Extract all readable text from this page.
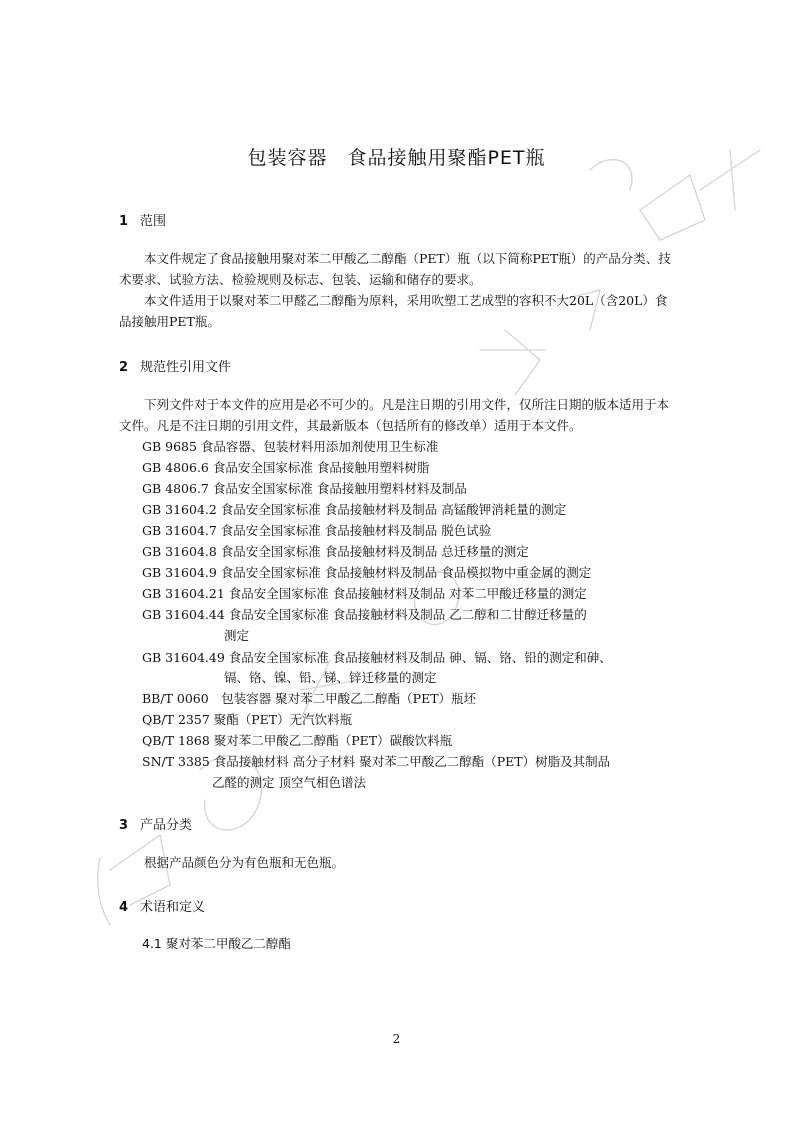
包装容器　食品接触用聚酯PET瓶
1 范围
本文件规定了食品接触用聚对苯二甲酸乙二醇酯（PET）瓶（以下简称PET瓶）的产品分类、技术要求、试验方法、检验规则及标志、包装、运输和储存的要求。
本文件适用于以聚对苯二甲醛乙二醇酯为原料，采用吹塑工艺成型的容积不大20L（含20L）食品接触用PET瓶。
2 规范性引用文件
下列文件对于本文件的应用是必不可少的。凡是注日期的引用文件，仅所注日期的版本适用于本文件。凡是不注日期的引用文件，其最新版本（包括所有的修改单）适用于本文件。
GB 9685 食品容器、包装材料用添加剂使用卫生标准
GB 4806.6 食品安全国家标准 食品接触用塑料树脂
GB 4806.7 食品安全国家标准 食品接触用塑料材料及制品
GB 31604.2 食品安全国家标准 食品接触材料及制品 高锰酸钾消耗量的测定
GB 31604.7 食品安全国家标准 食品接触材料及制品 脱色试验
GB 31604.8 食品安全国家标准 食品接触材料及制品 总迁移量的测定
GB 31604.9 食品安全国家标准 食品接触材料及制品 食品模拟物中重金属的测定
GB 31604.21 食品安全国家标准 食品接触材料及制品 对苯二甲酸迁移量的测定
GB 31604.44 食品安全国家标准 食品接触材料及制品 乙二醇和二甘醇迁移量的
测定
GB 31604.49 食品安全国家标准 食品接触材料及制品 砷、镉、铬、铅的测定和砷、
镉、铬、镍、铅、锑、锌迁移量的测定
BB/T 0060　包装容器 聚对苯二甲酸乙二醇酯（PET）瓶坯
QB/T 2357 聚酯（PET）无汽饮料瓶
QB/T 1868 聚对苯二甲酸乙二醇酯（PET）碳酸饮料瓶
SN/T 3385 食品接触材料 高分子材料 聚对苯二甲酸乙二醇酯（PET）树脂及其制品
乙醛的测定 顶空气相色谱法
3 产品分类
根据产品颜色分为有色瓶和无色瓶。
4 术语和定义
4.1 聚对苯二甲酸乙二醇酯
2
